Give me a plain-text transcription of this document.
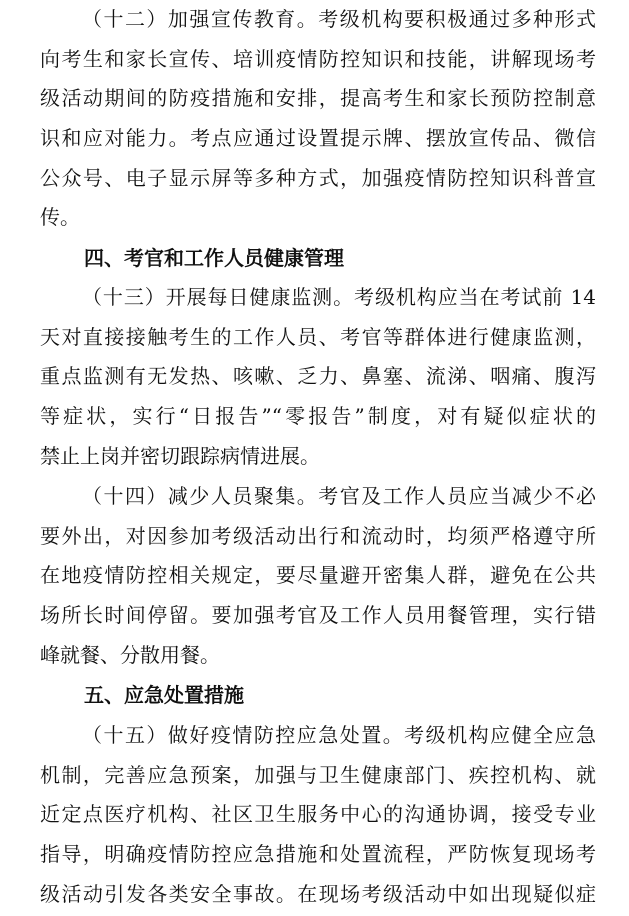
（十二）加强宣传教育。考级机构要积极通过多种形式
向考生和家长宣传、培训疫情防控知识和技能，讲解现场考
级活动期间的防疫措施和安排，提高考生和家长预防控制意
识和应对能力。考点应通过设置提示牌、摆放宣传品、微信
公众号、电子显示屏等多种方式，加强疫情防控知识科普宣
传。
四、考官和工作人员健康管理
（十三）开展每日健康监测。考级机构应当在考试前 14
天对直接接触考生的工作人员、考官等群体进行健康监测，
重点监测有无发热、咳嗽、乏力、鼻塞、流涕、咽痛、腹泻
等症状，实行“日报告”“零报告”制度，对有疑似症状的
禁止上岗并密切跟踪病情进展。
（十四）减少人员聚集。考官及工作人员应当减少不必
要外出，对因参加考级活动出行和流动时，均须严格遵守所
在地疫情防控相关规定，要尽量避开密集人群，避免在公共
场所长时间停留。要加强考官及工作人员用餐管理，实行错
峰就餐、分散用餐。
五、应急处置措施
（十五）做好疫情防控应急处置。考级机构应健全应急
机制，完善应急预案，加强与卫生健康部门、疾控机构、就
近定点医疗机构、社区卫生服务中心的沟通协调，接受专业
指导，明确疫情防控应急措施和处置流程，严防恢复现场考
级活动引发各类安全事故。在现场考级活动中如出现疑似症
